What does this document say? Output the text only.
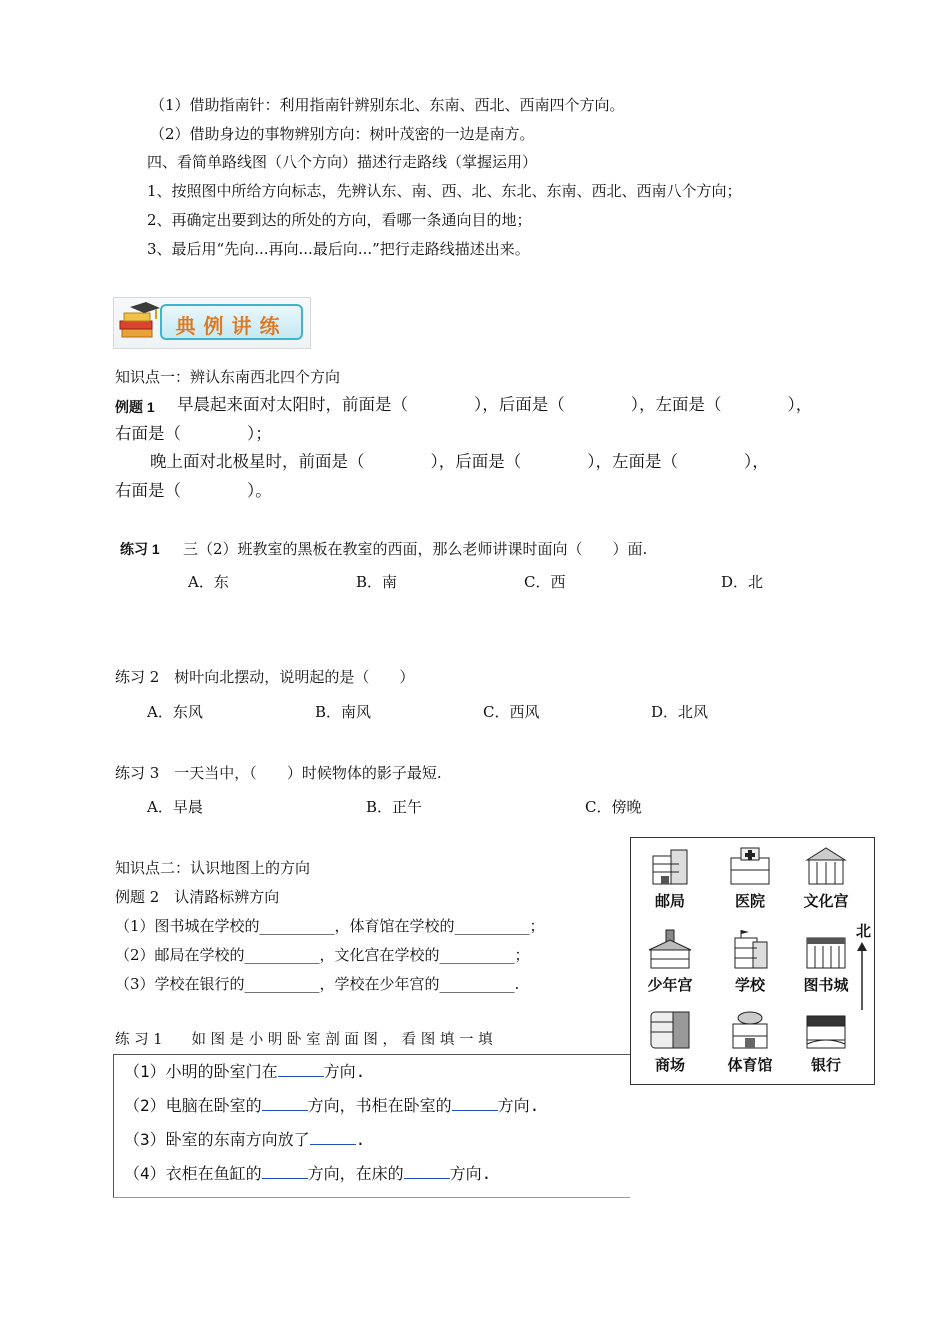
（1）借助指南针：利用指南针辨别东北、东南、西北、西南四个方向。
（2）借助身边的事物辨别方向：树叶茂密的一边是南方。
四、看简单路线图（八个方向）描述行走路线（掌握运用）
1、按照图中所给方向标志，先辨认东、南、西、北、东北、东南、西北、西南八个方向；
2、再确定出要到达的所处的方向，看哪一条通向目的地；
3、最后用“先向...再向...最后向...”把行走路线描述出来。
典例讲练
知识点一：辨认东南西北四个方向
例题 1 早晨起来面对太阳时，前面是（　　　　），后面是（　　　　），左面是（　　　　），
右面是（　　　　）；
晚上面对北极星时，前面是（　　　　），后面是（　　　　），左面是（　　　　），
右面是（　　　　）。
练习 1 三（2）班教室的黑板在教室的西面，那么老师讲课时面向（　　）面.
A．东	B．南	C．西	D．北
练习 2　树叶向北摆动，说明起的是（　　）
A．东风	B．南风	C．西风	D．北风
练习 3　一天当中，（　　）时候物体的影子最短.
A．早晨	B．正午	C．傍晚
知识点二：认识地图上的方向
例题 2　认清路标辨方向
（1）图书城在学校的__________，体育馆在学校的__________；
（2）邮局在学校的__________，文化宫在学校的__________；
（3）学校在银行的__________，学校在少年宫的__________.
邮局	医院	文化宫
少年宫	学校	图书城
商场	体育馆	银行
北
练 习 1　　如 图 是 小 明 卧 室 剖 面 图 ， 看 图 填 一 填
（1）小明的卧室门在	方向.
（2）电脑在卧室的	方向，书柜在卧室的	方向.
（3）卧室的东南方向放了	.
（4）衣柜在鱼缸的	方向，在床的	方向.
